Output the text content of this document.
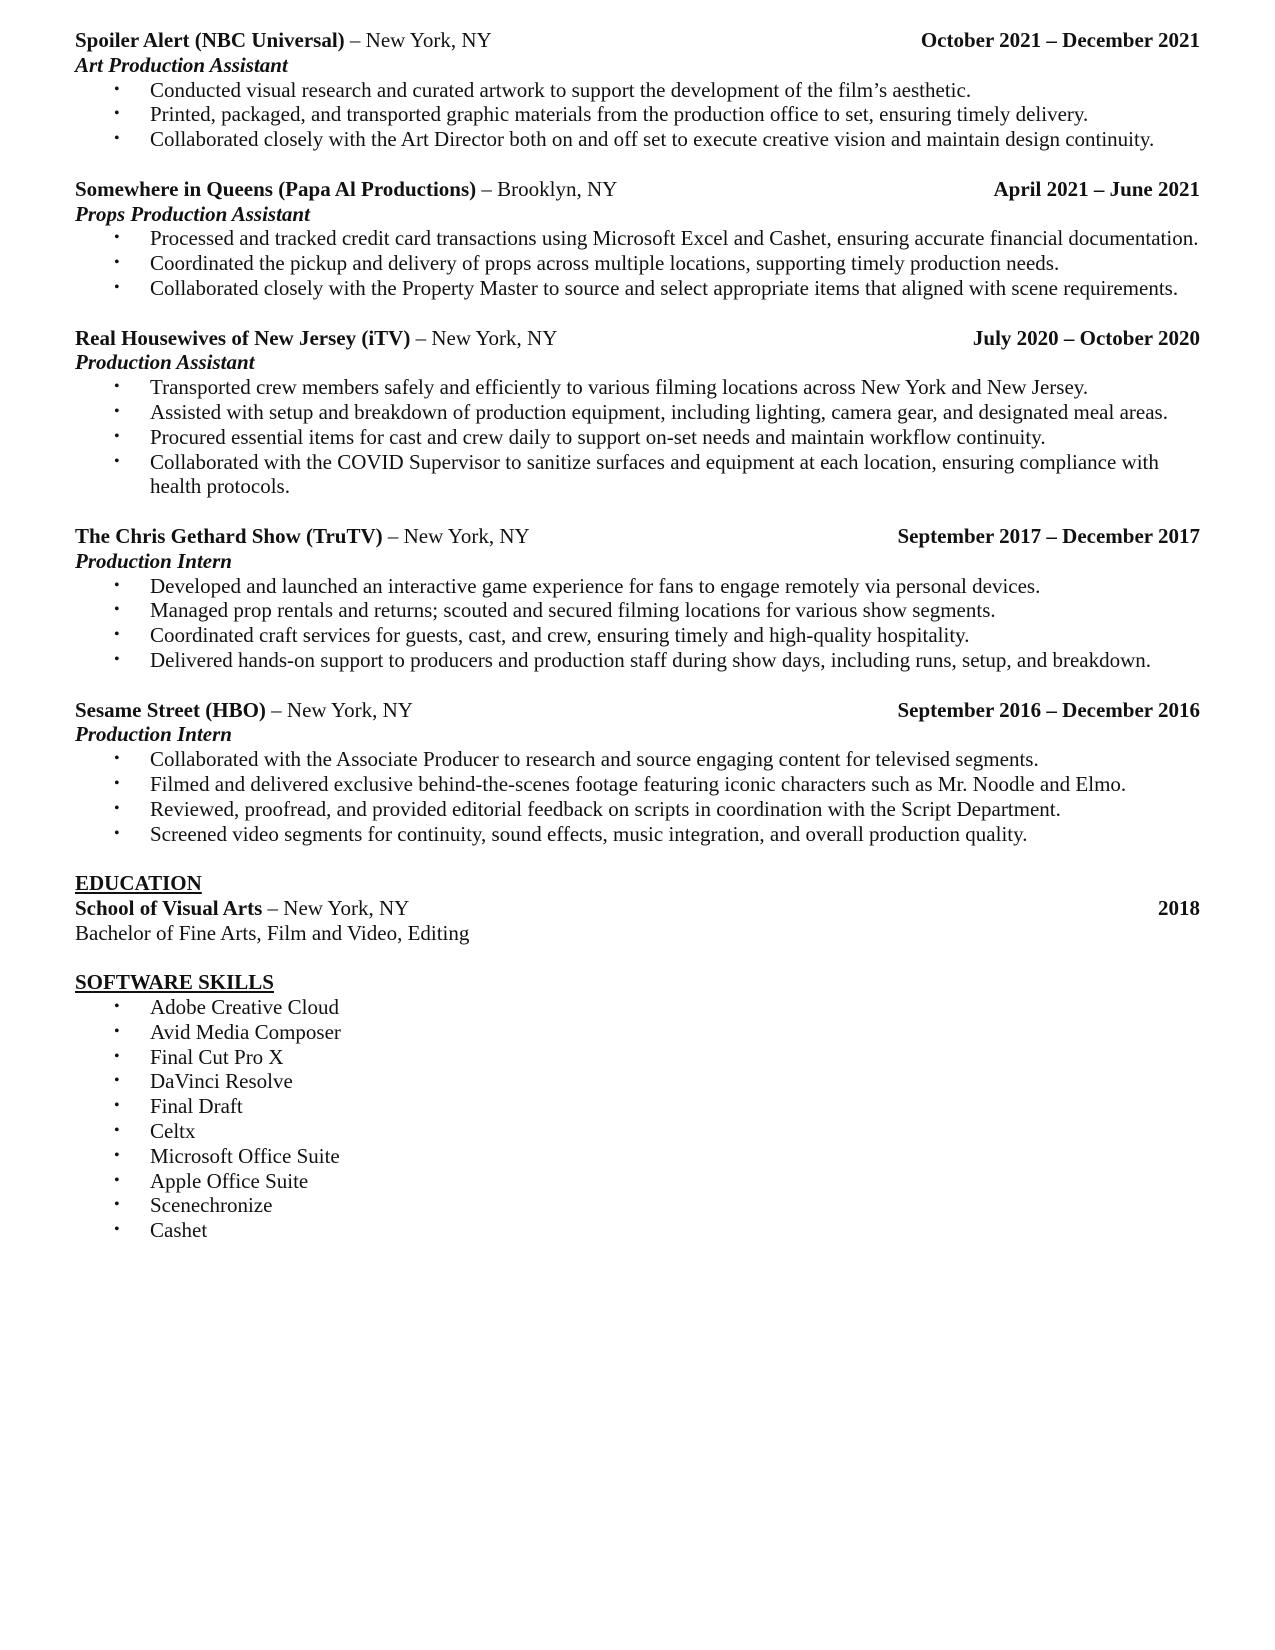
Spoiler Alert (NBC Universal) – New York, NY	October 2021 – December 2021
Art Production Assistant
• Conducted visual research and curated artwork to support the development of the film’s aesthetic.
• Printed, packaged, and transported graphic materials from the production office to set, ensuring timely delivery.
• Collaborated closely with the Art Director both on and off set to execute creative vision and maintain design continuity.
Somewhere in Queens (Papa Al Productions) – Brooklyn, NY	April 2021 – June 2021
Props Production Assistant
• Processed and tracked credit card transactions using Microsoft Excel and Cashet, ensuring accurate financial documentation.
• Coordinated the pickup and delivery of props across multiple locations, supporting timely production needs.
• Collaborated closely with the Property Master to source and select appropriate items that aligned with scene requirements.
Real Housewives of New Jersey (iTV) – New York, NY	July 2020 – October 2020
Production Assistant
• Transported crew members safely and efficiently to various filming locations across New York and New Jersey.
• Assisted with setup and breakdown of production equipment, including lighting, camera gear, and designated meal areas.
• Procured essential items for cast and crew daily to support on-set needs and maintain workflow continuity.
• Collaborated with the COVID Supervisor to sanitize surfaces and equipment at each location, ensuring compliance with health protocols.
The Chris Gethard Show (TruTV) – New York, NY	September 2017 – December 2017
Production Intern
• Developed and launched an interactive game experience for fans to engage remotely via personal devices.
• Managed prop rentals and returns; scouted and secured filming locations for various show segments.
• Coordinated craft services for guests, cast, and crew, ensuring timely and high-quality hospitality.
• Delivered hands-on support to producers and production staff during show days, including runs, setup, and breakdown.
Sesame Street (HBO) – New York, NY	September 2016 – December 2016
Production Intern
• Collaborated with the Associate Producer to research and source engaging content for televised segments.
• Filmed and delivered exclusive behind-the-scenes footage featuring iconic characters such as Mr. Noodle and Elmo.
• Reviewed, proofread, and provided editorial feedback on scripts in coordination with the Script Department.
• Screened video segments for continuity, sound effects, music integration, and overall production quality.
EDUCATION
School of Visual Arts – New York, NY	2018
Bachelor of Fine Arts, Film and Video, Editing
SOFTWARE SKILLS
• Adobe Creative Cloud
• Avid Media Composer
• Final Cut Pro X
• DaVinci Resolve
• Final Draft
• Celtx
• Microsoft Office Suite
• Apple Office Suite
• Scenechronize
• Cashet
